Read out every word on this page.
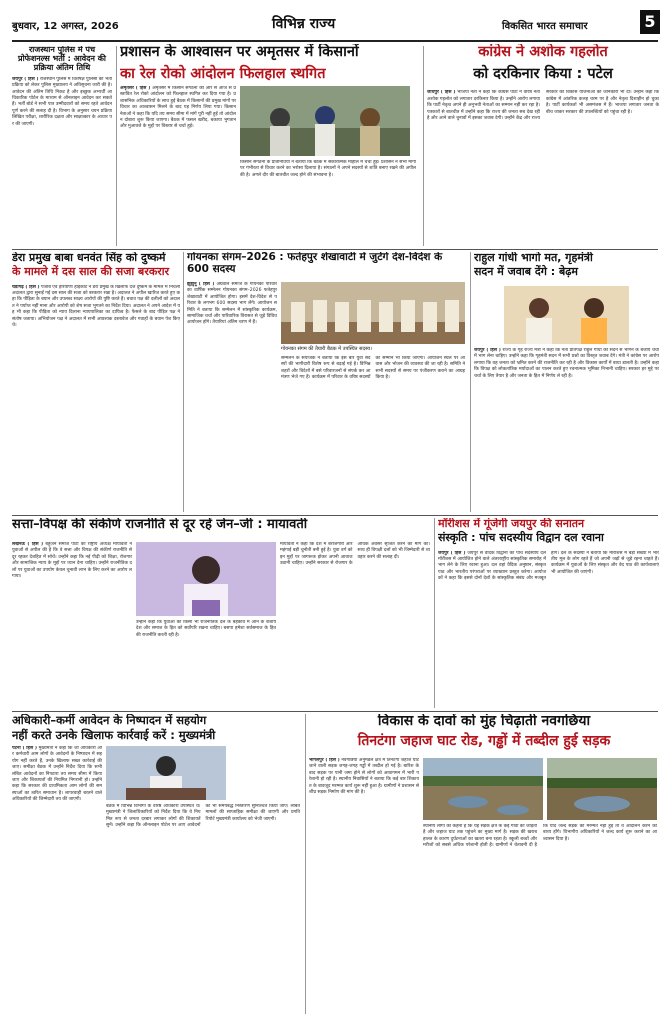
बुधवार, 12 अगस्त, 2026	विभिन्न राज्य	विकसित भारत समाचार	5
राजस्थान पुलिस में पंच प्रोफेशनल्स भर्ती : आवेदन की प्रक्रिया अंतिम तिथि
जयपुर ( हिंस ) राजस्थान पुलिस में विशेषज्ञ पुलिसों की भर्ती प्रक्रिया को लेकर पुलिस मुख्यालय ने अधिसूचना जारी की है। आवेदन की अंतिम तिथि निकट है और इच्छुक अभ्यर्थी आधिकारिक पोर्टल के माध्यम से ऑनलाइन आवेदन कर सकते हैं। भर्ती बोर्ड ने सभी पात्र उम्मीदवारों को समय रहते आवेदन पूर्ण करने की सलाह दी है। विभाग के अनुसार चयन प्रक्रिया लिखित परीक्षा, शारीरिक दक्षता और साक्षात्कार के आधार पर की जाएगी।
प्रशासन के आश्वासन पर अमृतसर में किसानों
का रेल रोको आंदोलन फिलहाल स्थगित
अमृतसर ( हिंस ) अमृतसर में किसान संगठनों की ओर से आज से प्रस्तावित रेल रोको आंदोलन को फिलहाल स्थगित कर दिया गया है। प्रशासनिक अधिकारियों के साथ हुई बैठक में किसानों की प्रमुख मांगों पर विचार का आश्वासन मिलने के बाद यह निर्णय लिया गया। किसान नेताओं ने कहा कि यदि तय समय सीमा में मांगें पूरी नहीं हुईं तो आंदोलन दोबारा शुरू किया जाएगा। बैठक में फसल खरीद, बकाया भुगतान और मुआवजे के मुद्दों पर विस्तार से चर्चा हुई।
किसान संगठनों के प्रतिनिधियों ने बताया कि बैठक में सकारात्मक माहौल में चर्चा हुई। प्रशासन ने सभी मांगों पर गंभीरता से विचार करने का भरोसा दिलाया है। संगठनों ने अपने सदस्यों से शांति बनाए रखने की अपील की है। अगले दौर की बातचीत जल्द होने की संभावना है।
कांग्रेस ने अशोक गहलोत
को दरकिनार किया : पटेल
जोधपुर ( हिंस ) भाजपा नेता ने कहा कि कांग्रेस पार्टी ने वरिष्ठ नेता अशोक गहलोत को लगातार दरकिनार किया है। उन्होंने आरोप लगाया कि पार्टी नेतृत्व अपने ही अनुभवी नेताओं का सम्मान नहीं कर रहा है। पत्रकारों से बातचीत में उन्होंने कहा कि राज्य की जनता सब देख रही है और आने वाले चुनावों में इसका जवाब देगी। उन्होंने केंद्र और राज्य सरकार की विकास योजनाओं की जानकारी भी दी। उन्होंने कहा कि कांग्रेस में आंतरिक कलह चरम पर है और नेतृत्व दिशाहीन हो चुका है। पार्टी कार्यकर्ता भी असमंजस में हैं। भाजपा लगातार जनता के बीच जाकर सरकार की उपलब्धियों को पहुंचा रही है।
डेरा प्रमुख बाबा धनवंत सिंह को दुष्कर्म
के मामले में दस साल की सजा बरकरार
चंडीगढ़ ( हिंस ) पंजाब एवं हरियाणा हाईकोर्ट ने डेरा प्रमुख के खिलाफ दर्ज दुष्कर्म के मामले में निचली अदालत द्वारा सुनाई गई दस साल की सजा को बरकरार रखा है। अदालत ने अपील खारिज करते हुए कहा कि पीड़िता के बयान और उपलब्ध साक्ष्य आरोपों की पुष्टि करते हैं। बचाव पक्ष की दलीलों को अदालत ने पर्याप्त नहीं माना और आरोपी को शेष सजा भुगतने का निर्देश दिया। अदालत ने अपने आदेश में यह भी कहा कि पीड़िता को न्याय दिलाना न्यायपालिका का दायित्व है। फैसले के बाद पीड़ित पक्ष ने संतोष जताया। अभियोजन पक्ष ने अदालत में सभी आवश्यक दस्तावेज और गवाहों के बयान पेश किए थे।
गोयनका संगम–2026 : फतेहपुर शेखावाटी में जुटेंगे देश-विदेश के 600 सदस्य
झुंझुनूं ( हिंस ) अग्रवाल समाज के गोयनका परिवार का वार्षिक सम्मेलन गोयनका संगम–2026 फतेहपुर शेखावाटी में आयोजित होगा। इसमें देश-विदेश से परिवार के लगभग 600 सदस्य भाग लेंगे। आयोजन समिति ने बताया कि सम्मेलन में सांस्कृतिक कार्यक्रम, सामाजिक चर्चा और पारिवारिक विरासत से जुड़े विविध आयोजन होंगे। तैयारियां अंतिम चरण में हैं।
गोयनका संगम की तैयारी बैठक में उपस्थित सदस्य।
सम्मेलन के संयोजक ने बताया कि इस बार युवा सदस्यों की भागीदारी विशेष रूप से बढ़ाई गई है। विभिन्न शहरों और विदेशों में बसे परिवारजनों से संपर्क कर आमंत्रण भेजे गए हैं। कार्यक्रम में परिवार के वरिष्ठ सदस्यों का सम्मान भी किया जाएगा। आयोजन स्थल पर आवास और भोजन की व्यवस्था की जा रही है। समिति ने सभी सदस्यों से समय पर पंजीकरण कराने का आग्रह किया है।
राहुल गांधी भागो मत, गृहमंत्री
सदन में जवाब देंगे : बेढ़म
जयपुर ( हिंस ) राज्य के गृह राज्य मंत्री ने कहा कि नेता प्रतिपक्ष राहुल गांधी को सदन से भागने के बजाय चर्चा में भाग लेना चाहिए। उन्होंने कहा कि गृहमंत्री सदन में सभी प्रश्नों का विस्तृत जवाब देंगे। मंत्री ने कांग्रेस पर आरोप लगाया कि वह जनता को भ्रमित करने की राजनीति कर रही है और विकास कार्यों में बाधा डालती है। उन्होंने कहा कि विपक्ष को लोकतांत्रिक मर्यादाओं का पालन करते हुए रचनात्मक भूमिका निभानी चाहिए। सरकार हर मुद्दे पर चर्चा के लिए तैयार है और जनता के हित में निर्णय ले रही है।
सत्ता–विपक्ष की संकीर्ण राजनीति से दूर रहें जेन–जी : मायावती
लखनऊ ( हिंस ) बहुजन समाज पार्टी की राष्ट्रीय अध्यक्ष मायावती ने युवाओं से अपील की है कि वे सत्ता और विपक्ष की संकीर्ण राजनीति से दूर रहकर देशहित में सोचें। उन्होंने कहा कि नई पीढ़ी को शिक्षा, रोजगार और सामाजिक न्याय के मुद्दों पर ध्यान देना चाहिए। उन्होंने राजनीतिक दलों पर युवाओं का उपयोग केवल चुनावी लाभ के लिए करने का आरोप लगाया।
उन्होंने कहा कि युवाओं को किसी भी राजनीतिक दल के बहकावे में आने के बजाय देश और समाज के हित को सर्वोपरि रखना चाहिए। बसपा हमेशा सर्वसमाज के हित की राजनीति करती रही है।
मायावती ने कहा कि देश में बेरोजगारी और महंगाई बड़ी चुनौती बनी हुई है। युवा वर्ग को इन मुद्दों पर जागरूक होकर अपनी आवाज उठानी चाहिए। उन्होंने सरकार से रोजगार के अधिक अवसर सृजित करने की मांग की। साथ ही विपक्षी दलों को भी जिम्मेदारी से व्यवहार करने की सलाह दी।
मॉरीशस में गूंजेगी जयपुर की सनातन
संस्कृति : पांच सदस्यीय विद्वान दल रवाना
जयपुर ( हिंस ) जयपुर से वैदिक विद्वानों का पांच सदस्यीय दल मॉरीशस में आयोजित होने वाले अंतरराष्ट्रीय सांस्कृतिक समारोह में भाग लेने के लिए रवाना हुआ। दल वहां वैदिक अनुष्ठान, संस्कृत पाठ और भारतीय परंपराओं पर व्याख्यान प्रस्तुत करेगा। आयोजकों ने कहा कि इससे दोनों देशों के सांस्कृतिक संबंध और मजबूत होंगे। दल के सदस्यों ने बताया कि मॉरीशस में बड़ी संख्या में भारतीय मूल के लोग रहते हैं जो अपनी जड़ों से जुड़े रहना चाहते हैं। कार्यक्रम में युवाओं के लिए संस्कृत और वेद पाठ की कार्यशालाएं भी आयोजित की जाएंगी।
अधिकारी–कर्मी आवेदन के निष्पादन में सहयोग
नहीं करते उनके खिलाफ कार्रवाई करें : मुख्यमंत्री
पटना ( हिंस ) मुख्यमंत्री ने कहा कि जो अधिकारी और कर्मचारी आम लोगों के आवेदनों के निष्पादन में सहयोग नहीं करते हैं, उनके खिलाफ सख्त कार्रवाई की जाए। समीक्षा बैठक में उन्होंने निर्देश दिया कि सभी लंबित आवेदनों का निपटारा तय समय सीमा में किया जाए और शिकायतों की नियमित निगरानी हो। उन्होंने कहा कि सरकार की प्राथमिकता आम लोगों की समस्याओं का त्वरित समाधान है। लापरवाही बरतने वाले अधिकारियों की जिम्मेदारी तय की जाएगी।
बैठक में विभिन्न विभागों के वरिष्ठ अधिकारी उपस्थित थे। मुख्यमंत्री ने जिलाधिकारियों को निर्देश दिया कि वे नियमित रूप से जनता दरबार लगाकर लोगों की शिकायतें सुनें। उन्होंने कहा कि ऑनलाइन पोर्टल पर आए आवेदनों का भी समयबद्ध निस्तारण सुनिश्चित किया जाए। लंबित मामलों की साप्ताहिक समीक्षा की जाएगी और प्रगति रिपोर्ट मुख्यमंत्री कार्यालय को भेजी जाएगी।
विकास के दावों को मुंह चिढ़ाती नवगछिया
तिनटंगा जहाज घाट रोड, गड्ढों में तब्दील हुई सड़क
भागलपुर ( हिंस ) नवगछिया अनुमंडल क्षेत्र में तिनटंगा जहाज घाट जाने वाली सड़क जगह-जगह गड्ढों में तब्दील हो गई है। बारिश के बाद सड़क पर पानी जमा होने से लोगों को आवागमन में भारी परेशानी हो रही है। स्थानीय निवासियों ने बताया कि कई बार शिकायत के बावजूद मरम्मत कार्य शुरू नहीं हुआ है। ग्रामीणों ने प्रशासन से शीघ्र सड़क निर्माण की मांग की है।
स्थानीय लोगों का कहना है कि यह सड़क क्षेत्र के कई गांवों को जोड़ती है और जहाज घाट तक पहुंचने का मुख्य मार्ग है। सड़क की खराब हालत के कारण दुर्घटनाओं का खतरा बना रहता है। स्कूली बच्चों और मरीजों को सबसे अधिक परेशानी होती है। ग्रामीणों ने चेतावनी दी है कि यदि जल्द सड़क की मरम्मत नहीं हुई तो वे आंदोलन करने को बाध्य होंगे। विभागीय अधिकारियों ने जल्द कार्य शुरू कराने का आश्वासन दिया है।
